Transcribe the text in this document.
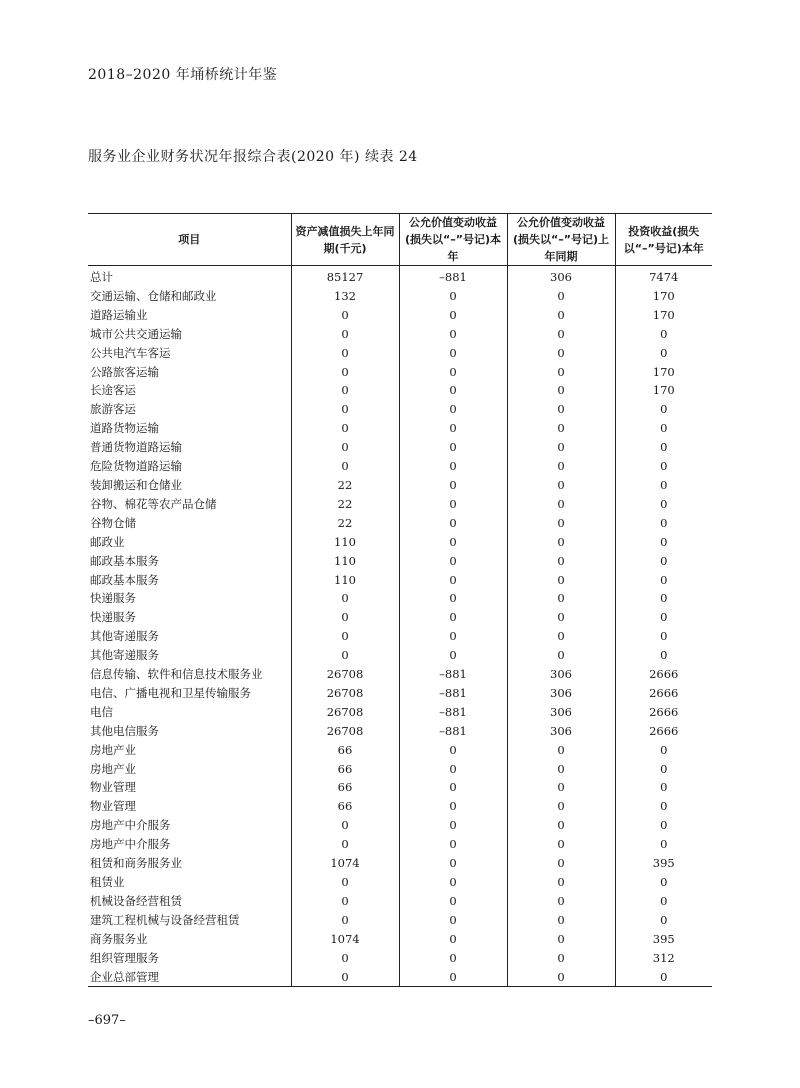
2018–2020 年埇桥统计年鉴
服务业企业财务状况年报综合表(2020 年) 续表 24
项目	资产减值损失上年同期(千元)	公允价值变动收益(损失以“–”号记)本年	公允价值变动收益(损失以“–”号记)上年同期	投资收益(损失以“–”号记)本年
总计	85127	–881	306	7474
交通运输、仓储和邮政业	132	0	0	170
道路运输业	0	0	0	170
城市公共交通运输	0	0	0	0
公共电汽车客运	0	0	0	0
公路旅客运输	0	0	0	170
长途客运	0	0	0	170
旅游客运	0	0	0	0
道路货物运输	0	0	0	0
普通货物道路运输	0	0	0	0
危险货物道路运输	0	0	0	0
装卸搬运和仓储业	22	0	0	0
谷物、棉花等农产品仓储	22	0	0	0
谷物仓储	22	0	0	0
邮政业	110	0	0	0
邮政基本服务	110	0	0	0
邮政基本服务	110	0	0	0
快递服务	0	0	0	0
快递服务	0	0	0	0
其他寄递服务	0	0	0	0
其他寄递服务	0	0	0	0
信息传输、软件和信息技术服务业	26708	–881	306	2666
电信、广播电视和卫星传输服务	26708	–881	306	2666
电信	26708	–881	306	2666
其他电信服务	26708	–881	306	2666
房地产业	66	0	0	0
房地产业	66	0	0	0
物业管理	66	0	0	0
物业管理	66	0	0	0
房地产中介服务	0	0	0	0
房地产中介服务	0	0	0	0
租赁和商务服务业	1074	0	0	395
租赁业	0	0	0	0
机械设备经营租赁	0	0	0	0
建筑工程机械与设备经营租赁	0	0	0	0
商务服务业	1074	0	0	395
组织管理服务	0	0	0	312
企业总部管理	0	0	0	0
–697–
